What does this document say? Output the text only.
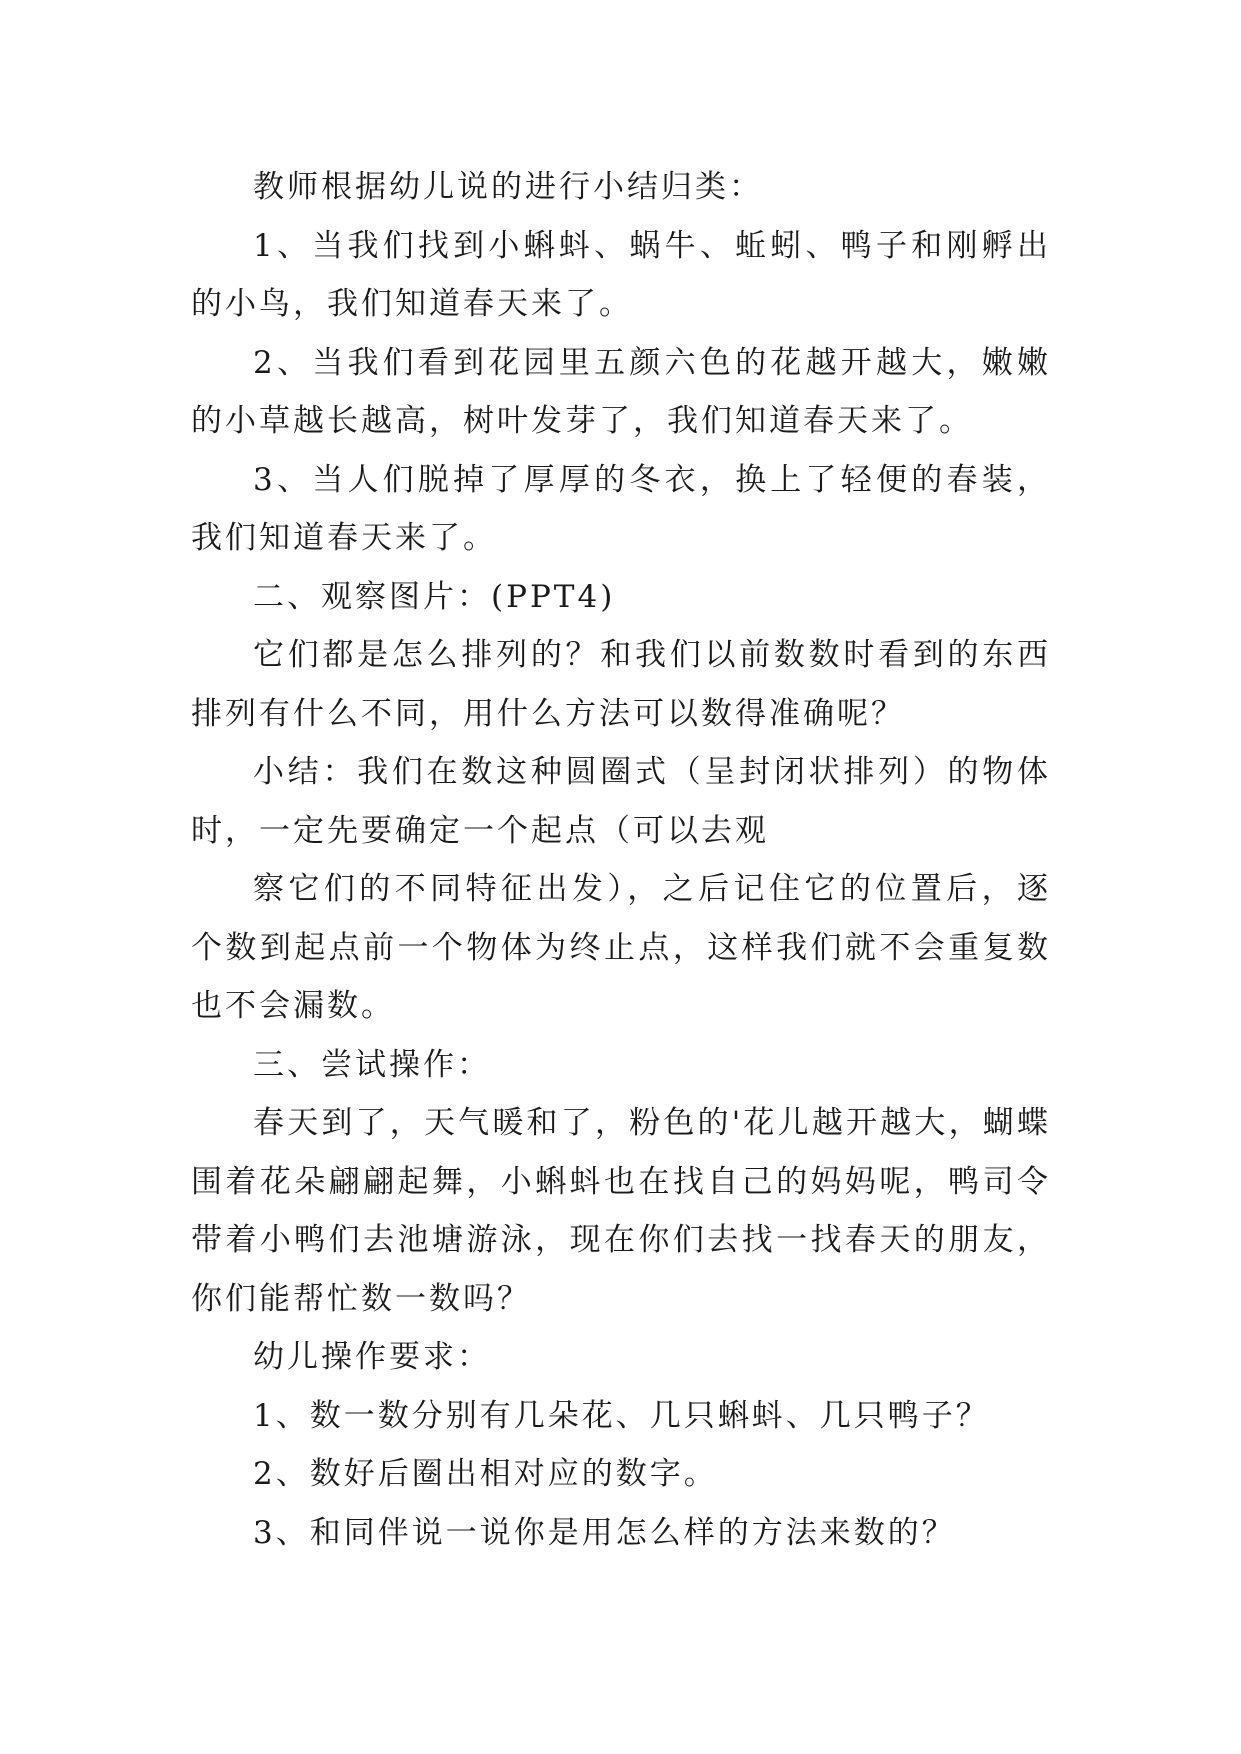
教师根据幼儿说的进行小结归类：

1、当我们找到小蝌蚪、蜗牛、蚯蚓、鸭子和刚孵出的小鸟，我们知道春天来了。

2、当我们看到花园里五颜六色的花越开越大，嫩嫩的小草越长越高，树叶发芽了，我们知道春天来了。

3、当人们脱掉了厚厚的冬衣，换上了轻便的春装，我们知道春天来了。

二、观察图片：(PPT4)

它们都是怎么排列的？和我们以前数数时看到的东西排列有什么不同，用什么方法可以数得准确呢？

小结：我们在数这种圆圈式（呈封闭状排列）的物体时，一定先要确定一个起点（可以去观

察它们的不同特征出发），之后记住它的位置后，逐个数到起点前一个物体为终止点，这样我们就不会重复数也不会漏数。

三、尝试操作：

春天到了，天气暖和了，粉色的'花儿越开越大，蝴蝶围着花朵翩翩起舞，小蝌蚪也在找自己的妈妈呢，鸭司令带着小鸭们去池塘游泳，现在你们去找一找春天的朋友，你们能帮忙数一数吗？

幼儿操作要求：

1、数一数分别有几朵花、几只蝌蚪、几只鸭子？

2、数好后圈出相对应的数字。

3、和同伴说一说你是用怎么样的方法来数的？
